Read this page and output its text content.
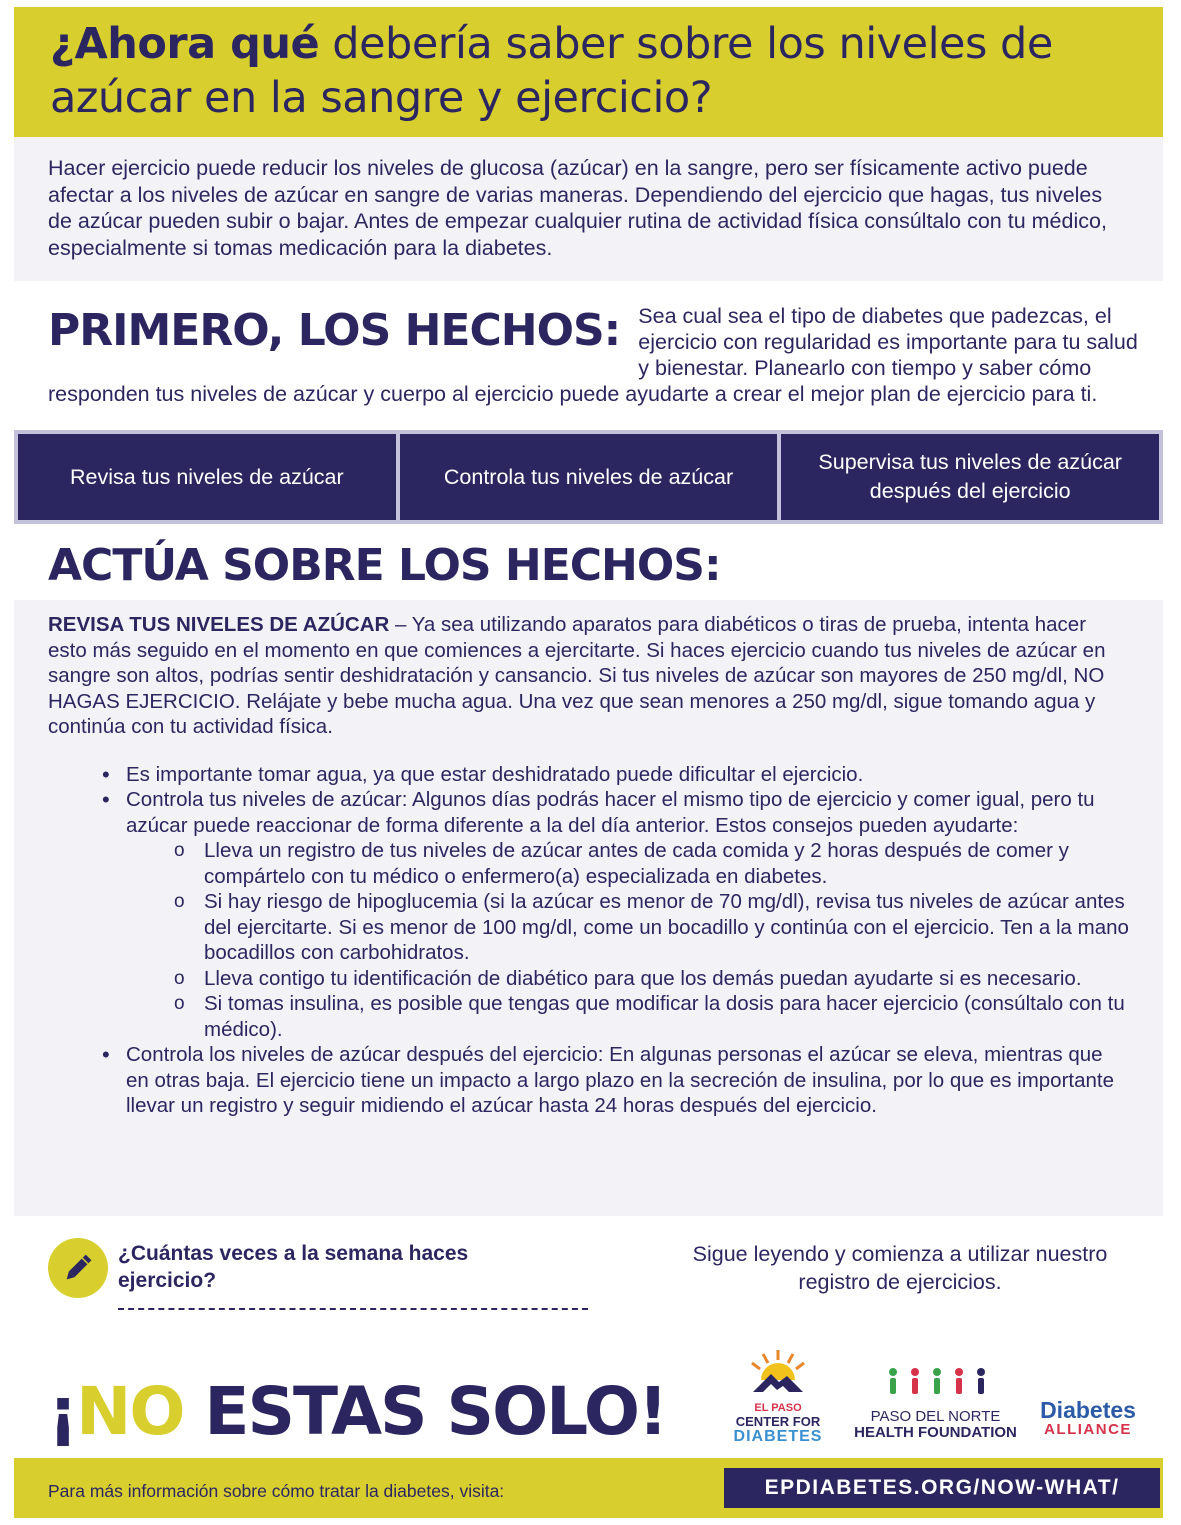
¿Ahora qué debería saber sobre los niveles de azúcar en la sangre y ejercicio?
Hacer ejercicio puede reducir los niveles de glucosa (azúcar) en la sangre, pero ser físicamente activo puede afectar a los niveles de azúcar en sangre de varias maneras. Dependiendo del ejercicio que hagas, tus niveles de azúcar pueden subir o bajar. Antes de empezar cualquier rutina de actividad física consúltalo con tu médico, especialmente si tomas medicación para la diabetes.
PRIMERO, LOS HECHOS: Sea cual sea el tipo de diabetes que padezcas, el ejercicio con regularidad es importante para tu salud y bienestar. Planearlo con tiempo y saber cómo responden tus niveles de azúcar y cuerpo al ejercicio puede ayudarte a crear el mejor plan de ejercicio para ti.
Revisa tus niveles de azúcar	Controla tus niveles de azúcar
Supervisa tus niveles de azúcar después del ejercicio
ACTÚA SOBRE LOS HECHOS:

REVISA TUS NIVELES DE AZÚCAR – Ya sea utilizando aparatos para diabéticos o tiras de prueba, intenta hacer esto más seguido en el momento en que comiences a ejercitarte. Si haces ejercicio cuando tus niveles de azúcar en sangre son altos, podrías sentir deshidratación y cansancio. Si tus niveles de azúcar son mayores de 250 mg/dl, NO HAGAS EJERCICIO. Relájate y bebe mucha agua. Una vez que sean menores a 250 mg/dl, sigue tomando agua y continúa con tu actividad física.

• Es importante tomar agua, ya que estar deshidratado puede dificultar el ejercicio.
• Controla tus niveles de azúcar: Algunos días podrás hacer el mismo tipo de ejercicio y comer igual, pero tu azúcar puede reaccionar de forma diferente a la del día anterior. Estos consejos pueden ayudarte:
o Lleva un registro de tus niveles de azúcar antes de cada comida y 2 horas después de comer y compártelo con tu médico o enfermero(a) especializada en diabetes.
o Si hay riesgo de hipoglucemia (si la azúcar es menor de 70 mg/dl), revisa tus niveles de azúcar antes del ejercitarte. Si es menor de 100 mg/dl, come un bocadillo y continúa con el ejercicio. Ten a la mano bocadillos con carbohidratos.
o Lleva contigo tu identificación de diabético para que los demás puedan ayudarte si es necesario.
o Si tomas insulina, es posible que tengas que modificar la dosis para hacer ejercicio (consúltalo con tu médico).
• Controla los niveles de azúcar después del ejercicio: En algunas personas el azúcar se eleva, mientras que en otras baja. El ejercicio tiene un impacto a largo plazo en la secreción de insulina, por lo que es importante llevar un registro y seguir midiendo el azúcar hasta 24 horas después del ejercicio.
¿Cuántas veces a la semana haces ejercicio?
Sigue leyendo y comienza a utilizar nuestro registro de ejercicios.
¡NO ESTAS SOLO!	EL PASO
CENTER FOR
DIABETES
PASO DEL NORTE
HEALTH FOUNDATION
Diabetes
ALLIANCE
Para más información sobre cómo tratar la diabetes, visita:	EPDIABETES.ORG/NOW-WHAT/
